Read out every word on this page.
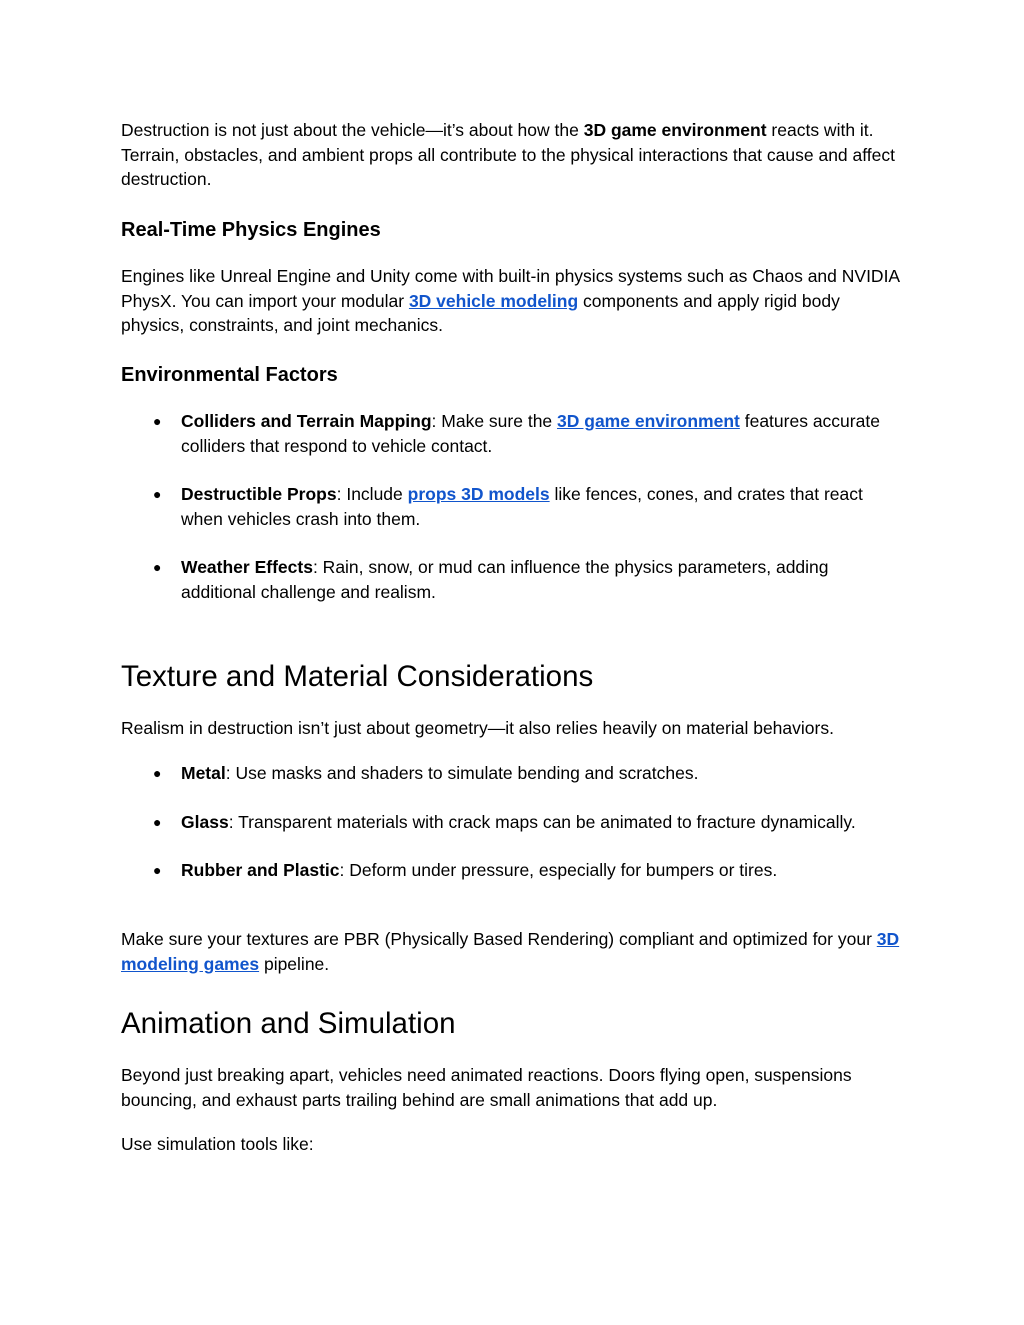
Destruction is not just about the vehicle—it’s about how the 3D game environment reacts with it. Terrain, obstacles, and ambient props all contribute to the physical interactions that cause and affect destruction.

Real-Time Physics Engines

Engines like Unreal Engine and Unity come with built-in physics systems such as Chaos and NVIDIA PhysX. You can import your modular 3D vehicle modeling components and apply rigid body physics, constraints, and joint mechanics.

Environmental Factors
● Colliders and Terrain Mapping: Make sure the 3D game environment features accurate colliders that respond to vehicle contact.
● Destructible Props: Include props 3D models like fences, cones, and crates that react when vehicles crash into them.
● Weather Effects: Rain, snow, or mud can influence the physics parameters, adding additional challenge and realism.
Texture and Material Considerations

Realism in destruction isn’t just about geometry—it also relies heavily on material behaviors.

● Metal: Use masks and shaders to simulate bending and scratches.
● Glass: Transparent materials with crack maps can be animated to fracture dynamically.
● Rubber and Plastic: Deform under pressure, especially for bumpers or tires.

Make sure your textures are PBR (Physically Based Rendering) compliant and optimized for your 3D modeling games pipeline.

Animation and Simulation

Beyond just breaking apart, vehicles need animated reactions. Doors flying open, suspensions bouncing, and exhaust parts trailing behind are small animations that add up.

Use simulation tools like:
